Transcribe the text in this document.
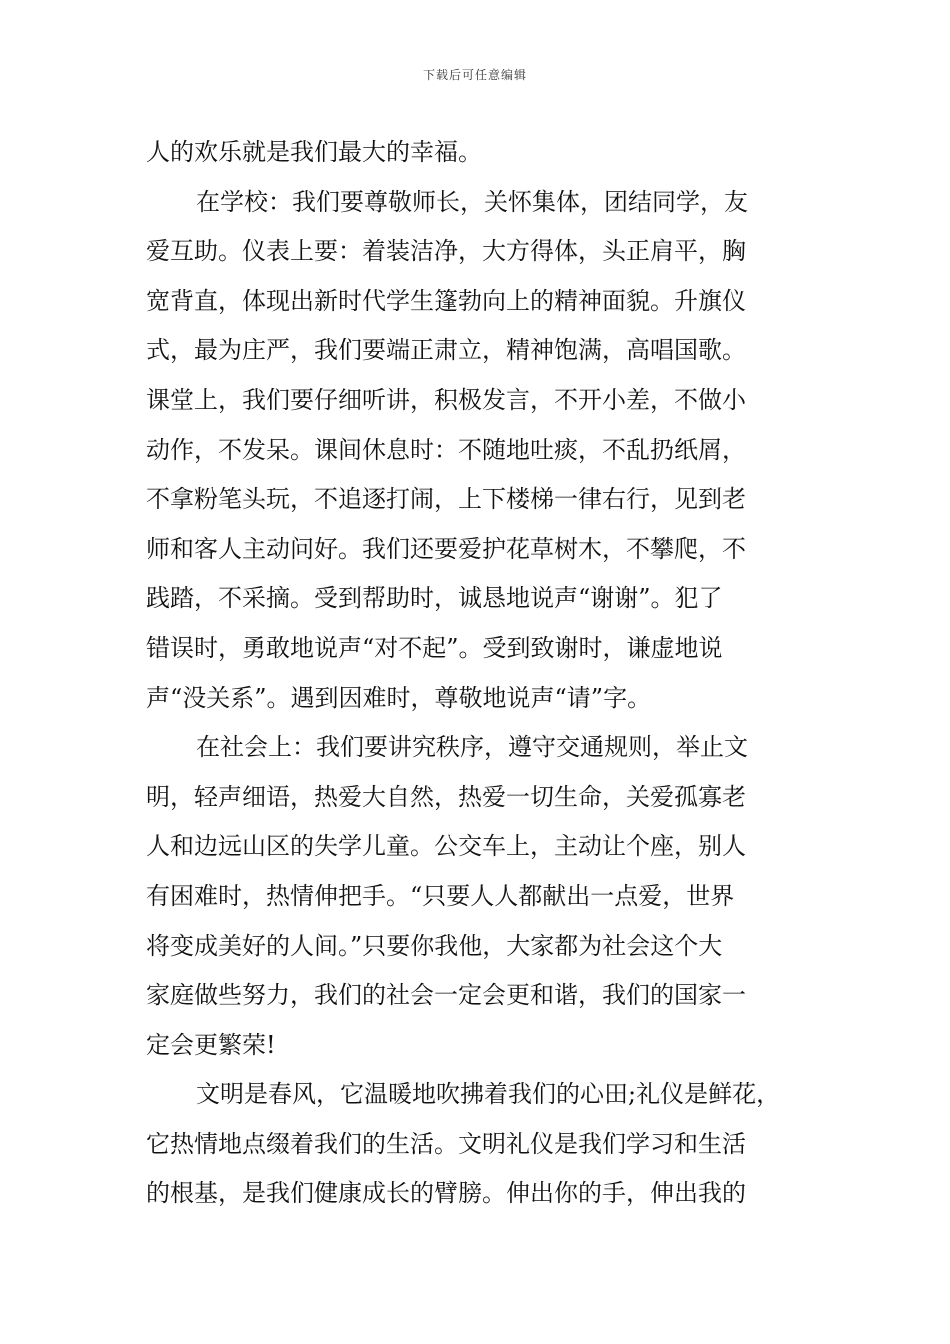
下载后可任意编辑
人的欢乐就是我们最大的幸福。
在学校：我们要尊敬师长，关怀集体，团结同学，友
爱互助。仪表上要：着装洁净，大方得体，头正肩平，胸
宽背直，体现出新时代学生篷勃向上的精神面貌。升旗仪
式，最为庄严，我们要端正肃立，精神饱满，高唱国歌。
课堂上，我们要仔细听讲，积极发言，不开小差，不做小
动作，不发呆。课间休息时：不随地吐痰，不乱扔纸屑，
不拿粉笔头玩，不追逐打闹，上下楼梯一律右行，见到老
师和客人主动问好。我们还要爱护花草树木，不攀爬，不
践踏，不采摘。受到帮助时，诚恳地说声“谢谢”。犯了
错误时，勇敢地说声“对不起”。受到致谢时，谦虚地说
声“没关系”。遇到因难时，尊敬地说声“请”字。
在社会上：我们要讲究秩序，遵守交通规则，举止文
明，轻声细语，热爱大自然，热爱一切生命，关爱孤寡老
人和边远山区的失学儿童。公交车上，主动让个座，别人
有困难时，热情伸把手。“只要人人都献出一点爱，世界
将变成美好的人间。”只要你我他，大家都为社会这个大
家庭做些努力，我们的社会一定会更和谐，我们的国家一
定会更繁荣!
文明是春风，它温暖地吹拂着我们的心田;礼仪是鲜花，
它热情地点缀着我们的生活。文明礼仪是我们学习和生活
的根基，是我们健康成长的臂膀。伸出你的手，伸出我的
